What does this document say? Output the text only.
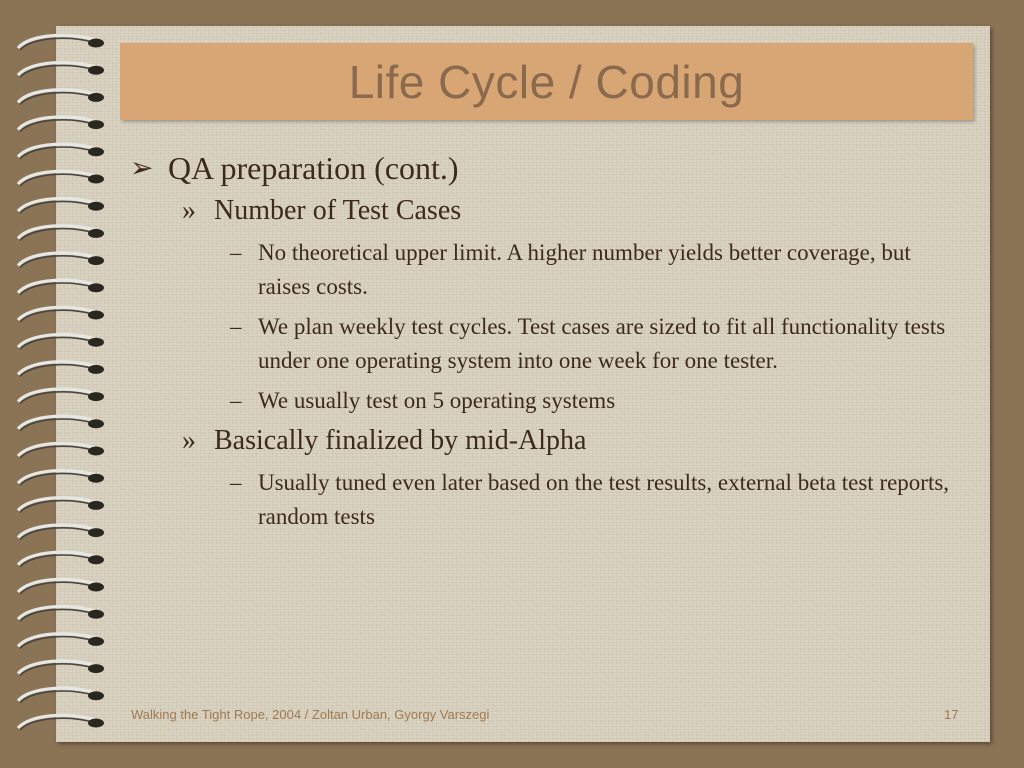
Life Cycle / Coding
➢ QA preparation (cont.)
» Number of Test Cases
– No theoretical upper limit. A higher number yields better coverage, but raises costs.
– We plan weekly test cycles. Test cases are sized to fit all functionality tests under one operating system into one week for one tester.
– We usually test on 5 operating systems
» Basically finalized by mid-Alpha
– Usually tuned even later based on the test results, external beta test reports, random tests
Walking the Tight Rope, 2004 / Zoltan Urban, Gyorgy Varszegi	17
